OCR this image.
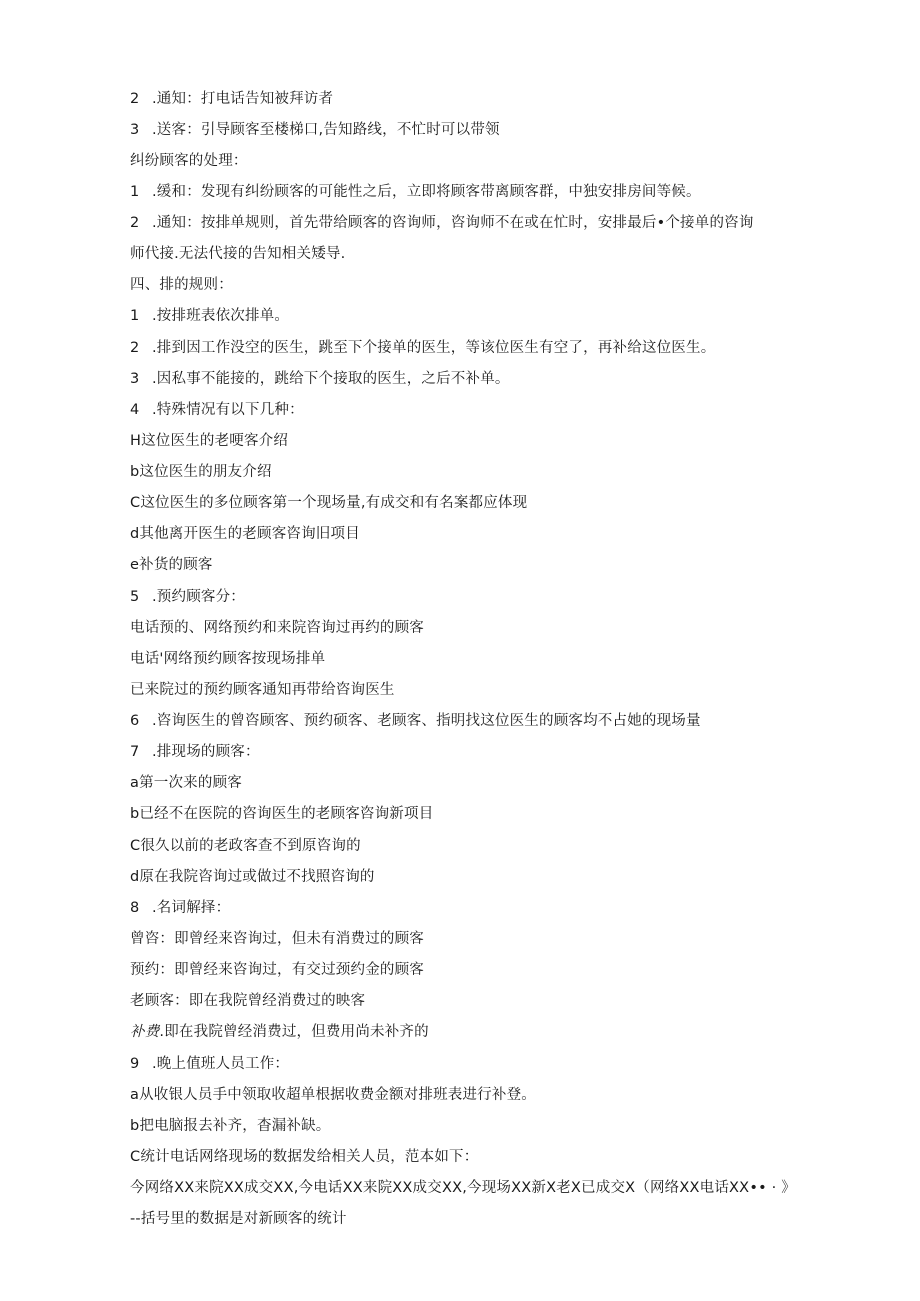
2 .通知：打电话告知被拜访者
3 .送客：引导顾客至楼梯口,告知路线，不忙时可以带领
纠纷顾客的处理：
1 .缓和：发现有纠纷顾客的可能性之后，立即将顾客带离顾客群，中独安排房间等候。
2 .通知：按排单规则，首先带给顾客的咨询师，咨询师不在或在忙时，安排最后•个接单的咨询
师代接.无法代接的告知相关矮导.
四、排的规则：
1 .按排班表依次排单。
2 .排到因工作没空的医生，跳至下个接单的医生，等该位医生有空了，再补给这位医生。
3 .因私事不能接的，跳给下个接取的医生，之后不补单。
4 .特殊情况有以下几种：
H这位医生的老哽客介绍
b这位医生的朋友介绍
C这位医生的多位顾客第一个现场量,有成交和有名案都应体现
d其他离开医生的老顾客咨询旧项目
e补货的顾客
5 .预约顾客分：
电话预的、网络预约和来院咨询过再约的顾客
电话'网络预约顾客按现场排单
已来院过的预约顾客通知再带给咨询医生
6 .咨询医生的曾咨顾客、预约硕客、老顾客、指明找这位医生的顾客均不占她的现场量
7 .排现场的顾客：
a第一次来的顾客
b已经不在医院的咨询医生的老顾客咨询新项目
C很久以前的老政客查不到原咨询的
d原在我院咨询过或做过不找照咨询的
8 .名词解择：
曾咨：即曾经来咨询过，但未有消费过的顾客
预约：即曾经来咨询过，有交过颈约金的顾客
老顾客：即在我院曾经消费过的映客
补费.即在我院曾经消费过，但费用尚未补齐的
9 .晚上值班人员工作：
a从收银人员手中领取收超单根据收费金额对排班表进行补登。
b把电脑报去补齐，杳漏补缺。
C统计电话网络现场的数据发给相关人员，范本如下：
今网络XX来院XX成交XX,今电话XX来院XX成交XX,今现场XX新X老X已成交X（网络XX电话XX•• · 》
--括号里的数据是对新顾客的统计
